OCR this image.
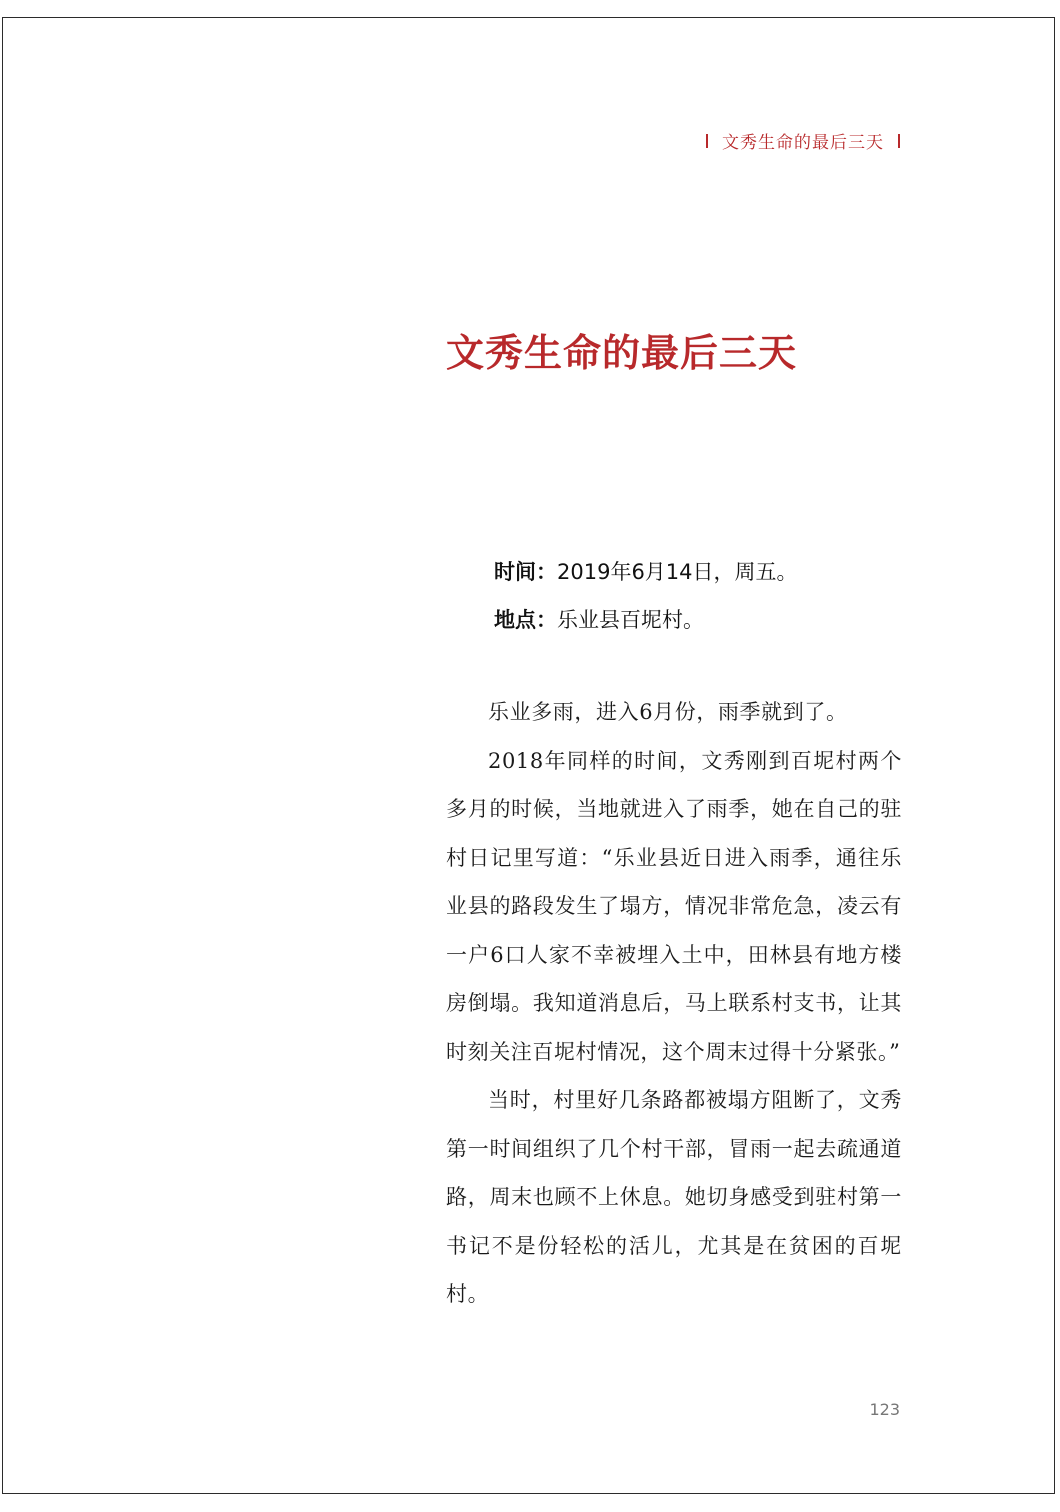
文秀生命的最后三天
文秀生命的最后三天
时间：2019年6月14日，周五。
地点：乐业县百坭村。

乐业多雨，进入6月份，雨季就到了。

2018年同样的时间，文秀刚到百坭村两个多月的时候，当地就进入了雨季，她在自己的驻村日记里写道：“乐业县近日进入雨季，通往乐业县的路段发生了塌方，情况非常危急，凌云有一户6口人家不幸被埋入土中，田林县有地方楼房倒塌。我知道消息后，马上联系村支书，让其时刻关注百坭村情况，这个周末过得十分紧张。”

当时，村里好几条路都被塌方阻断了，文秀第一时间组织了几个村干部，冒雨一起去疏通道路，周末也顾不上休息。她切身感受到驻村第一书记不是份轻松的活儿，尤其是在贫困的百坭村。

123
